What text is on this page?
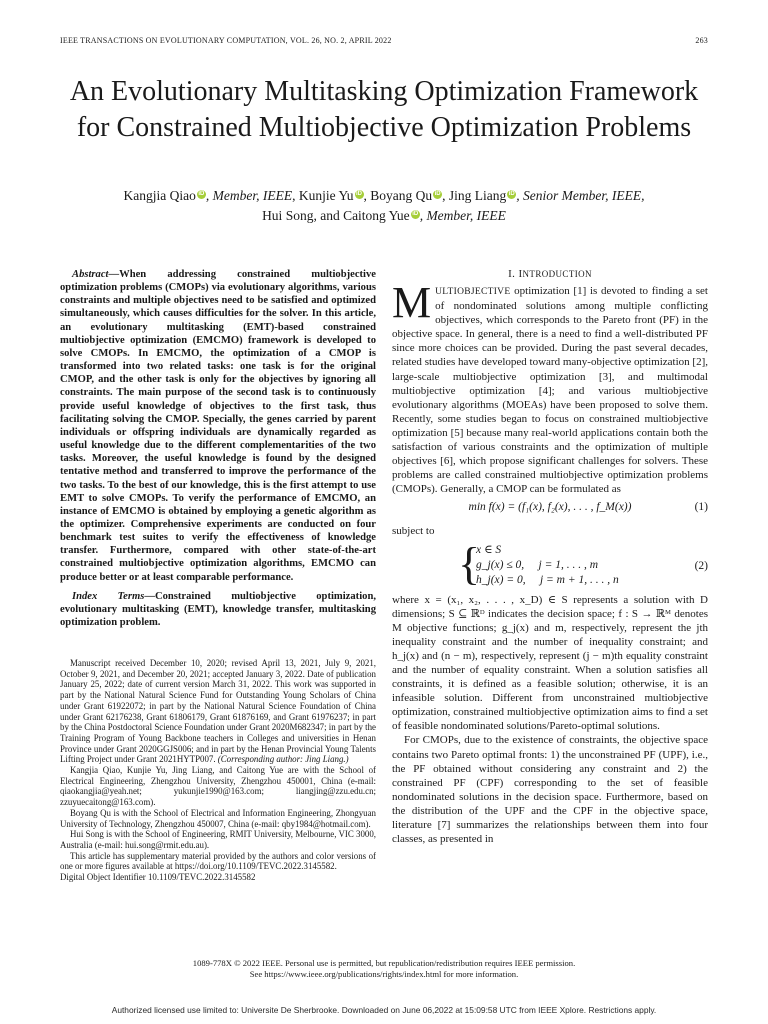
IEEE TRANSACTIONS ON EVOLUTIONARY COMPUTATION, VOL. 26, NO. 2, APRIL 2022	263
An Evolutionary Multitasking Optimization Framework for Constrained Multiobjective Optimization Problems
Kangjia Qiao iD , Member, IEEE, Kunjie Yu iD , Boyang Qu iD , Jing Liang iD , Senior Member, IEEE,
Hui Song, and Caitong Yue iD , Member, IEEE

Abstract—When addressing constrained multiobjective optimization problems (CMOPs) via evolutionary algorithms, various constraints and multiple objectives need to be satisfied and optimized simultaneously, which causes difficulties for the solver. In this article, an evolutionary multitasking (EMT)-based constrained multiobjective optimization (EMCMO) framework is developed to solve CMOPs. In EMCMO, the optimization of a CMOP is transformed into two related tasks: one task is for the original CMOP, and the other task is only for the objectives by ignoring all constraints. The main purpose of the second task is to continuously provide useful knowledge of objectives to the first task, thus facilitating solving the CMOP. Specially, the genes carried by parent individuals or offspring individuals are dynamically regarded as useful knowledge due to the different complementarities of the two tasks. Moreover, the useful knowledge is found by the designed tentative method and transferred to improve the performance of the two tasks. To the best of our knowledge, this is the first attempt to use EMT to solve CMOPs. To verify the performance of EMCMO, an instance of EMCMO is obtained by employing a genetic algorithm as the optimizer. Comprehensive experiments are conducted on four benchmark test suites to verify the effectiveness of knowledge transfer. Furthermore, compared with other state-of-the-art constrained multiobjective optimization algorithms, EMCMO can produce better or at least comparable performance.

Index Terms—Constrained multiobjective optimization, evolutionary multitasking (EMT), knowledge transfer, multitasking optimization problem.

Manuscript received December 10, 2020; revised April 13, 2021, July 9, 2021, October 9, 2021, and December 20, 2021; accepted January 3, 2022. Date of publication January 25, 2022; date of current version March 31, 2022. This work was supported in part by the National Natural Science Fund for Outstanding Young Scholars of China under Grant 61922072; in part by the National Natural Science Foundation of China under Grant 62176238, Grant 61806179, Grant 61876169, and Grant 61976237; in part by the China Postdoctoral Science Foundation under Grant 2020M682347; in part by the Training Program of Young Backbone teachers in Colleges and universities in Henan Province under Grant 2020GGJS006; and in part by the Henan Provincial Young Talents Lifting Project under Grant 2021HYTP007. (Corresponding author: Jing Liang.)

Kangjia Qiao, Kunjie Yu, Jing Liang, and Caitong Yue are with the School of Electrical Engineering, Zhengzhou University, Zhengzhou 450001, China (e-mail: qiaokangjia@yeah.net; yukunjie1990@163.com; liangjing@zzu.edu.cn; zzuyuecaitong@163.com).

Boyang Qu is with the School of Electrical and Information Engineering, Zhongyuan University of Technology, Zhengzhou 450007, China (e-mail: qby1984@hotmail.com).

Hui Song is with the School of Engineering, RMIT University, Melbourne, VIC 3000, Australia (e-mail: hui.song@rmit.edu.au).

This article has supplementary material provided by the authors and color versions of one or more figures available at https://doi.org/10.1109/TEVC.2022.3145582.

Digital Object Identifier 10.1109/TEVC.2022.3145582

I. INTRODUCTION

MULTIOBJECTIVE optimization [1] is devoted to finding a set of nondominated solutions among multiple conflicting objectives, which corresponds to the Pareto front (PF) in the objective space. In general, there is a need to find a well-distributed PF since more choices can be provided. During the past several decades, related studies have developed toward many-objective optimization [2], large-scale multiobjective optimization [3], and multimodal multiobjective optimization [4]; and various multiobjective evolutionary algorithms (MOEAs) have been proposed to solve them. Recently, some studies began to focus on constrained multiobjective optimization [5] because many real-world applications contain both the satisfaction of various constraints and the optimization of multiple objectives [6], which propose significant challenges for solvers. These problems are called constrained multiobjective optimization problems (CMOPs). Generally, a CMOP can be formulated as

min f(x) = (f₁(x), f₂(x), . . . , f_M(x))	(1)

subject to

{
x ∈ S
g_j(x) ≤ 0,     j = 1, . . . , m
h_j(x) = 0,     j = m + 1, . . . , n
(2)

where x = (x₁, x₂, . . . , x_D) ∈ S represents a solution with D dimensions; S ⊆ ℝᴰ indicates the decision space; f : S → ℝᴹ denotes M objective functions; g_j(x) and m, respectively, represent the jth inequality constraint and the number of inequality constraint; and h_j(x) and (n − m), respectively, represent (j − m)th equality constraint and the number of equality constraint. When a solution satisfies all constraints, it is defined as a feasible solution; otherwise, it is an infeasible solution. Different from unconstrained multiobjective optimization, constrained multiobjective optimization aims to find a set of feasible nondominated solutions/Pareto-optimal solutions.

For CMOPs, due to the existence of constraints, the objective space contains two Pareto optimal fronts: 1) the unconstrained PF (UPF), i.e., the PF obtained without considering any constraint and 2) the constrained PF (CPF) corresponding to the set of feasible nondominated solutions in the decision space. Furthermore, based on the distribution of the UPF and the CPF in the objective space, literature [7] summarizes the relationships between them into four classes, as presented in

1089-778X © 2022 IEEE. Personal use is permitted, but republication/redistribution requires IEEE permission.
See https://www.ieee.org/publications/rights/index.html for more information.
Authorized licensed use limited to: Universite De Sherbrooke. Downloaded on June 06,2022 at 15:09:58 UTC from IEEE Xplore. Restrictions apply.
